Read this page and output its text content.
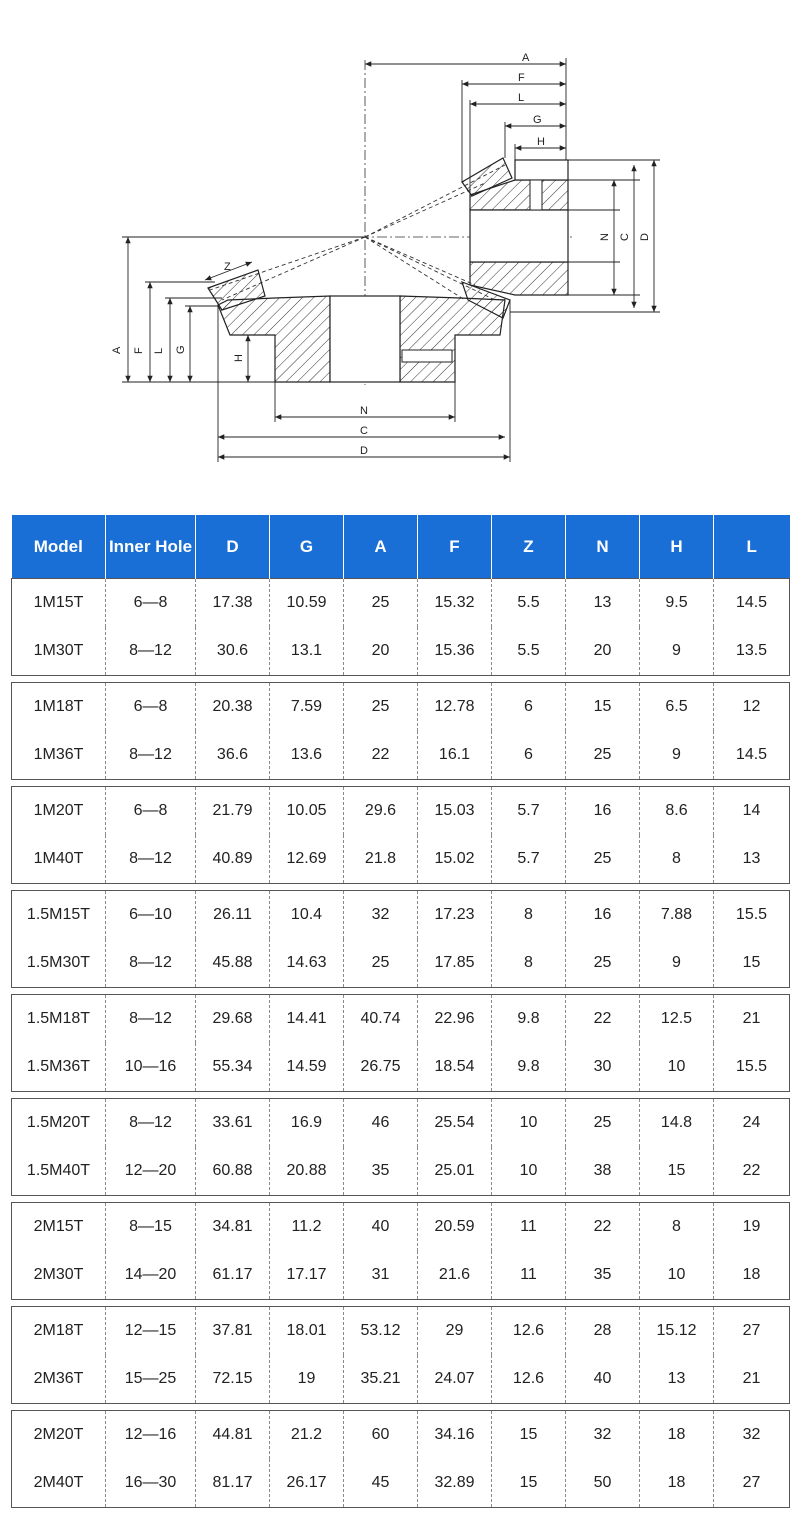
A
F
L
G
H
N C D
A F L G
H
Z
N
C
D
Model	Inner Hole	D	G	A	F	Z	N	H	L
1M15T	6—8	17.38	10.59	25	15.32	5.5	13	9.5	14.5
1M30T	8—12	30.6	13.1	20	15.36	5.5	20	9	13.5

1M18T	6—8	20.38	7.59	25	12.78	6	15	6.5	12
1M36T	8—12	36.6	13.6	22	16.1	6	25	9	14.5

1M20T	6—8	21.79	10.05	29.6	15.03	5.7	16	8.6	14
1M40T	8—12	40.89	12.69	21.8	15.02	5.7	25	8	13

1.5M15T	6—10	26.11	10.4	32	17.23	8	16	7.88	15.5
1.5M30T	8—12	45.88	14.63	25	17.85	8	25	9	15

1.5M18T	8—12	29.68	14.41	40.74	22.96	9.8	22	12.5	21
1.5M36T	10—16	55.34	14.59	26.75	18.54	9.8	30	10	15.5

1.5M20T	8—12	33.61	16.9	46	25.54	10	25	14.8	24
1.5M40T	12—20	60.88	20.88	35	25.01	10	38	15	22

2M15T	8—15	34.81	11.2	40	20.59	11	22	8	19
2M30T	14—20	61.17	17.17	31	21.6	11	35	10	18

2M18T	12—15	37.81	18.01	53.12	29	12.6	28	15.12	27
2M36T	15—25	72.15	19	35.21	24.07	12.6	40	13	21

2M20T	12—16	44.81	21.2	60	34.16	15	32	18	32
2M40T	16—30	81.17	26.17	45	32.89	15	50	18	27
